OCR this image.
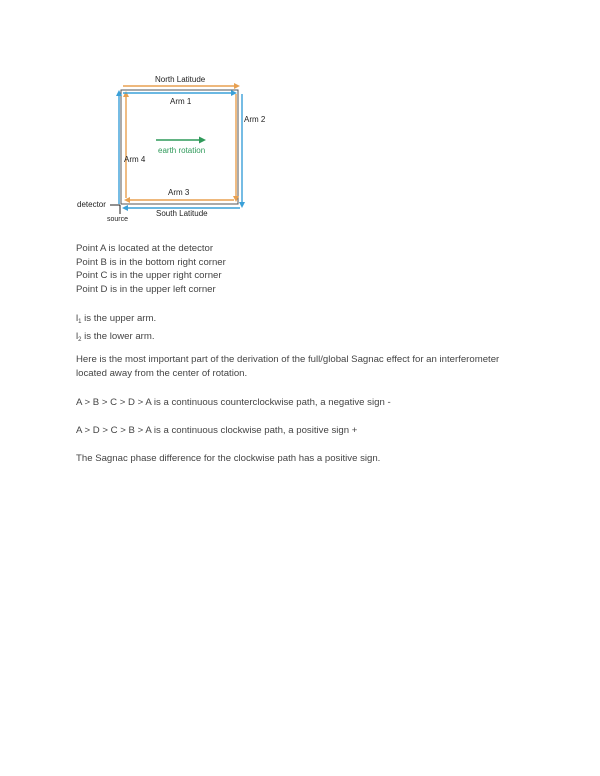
North Latitude
Arm 1
Arm 2
earth rotation
Arm 4
Arm 3
detector
South Latitude
source
Point A is located at the detector
Point B is in the bottom right corner
Point C is in the upper right corner
Point D is in the upper left corner
$l_1$ is the upper arm.
$l_2$ is the lower arm.
Here is the most important part of the derivation of the full/global Sagnac effect for an interferometer
located away from the center of rotation.
A > B > C > D > A is a continuous counterclockwise path, a negative sign -
A > D > C > B > A is a continuous clockwise path, a positive sign +
The Sagnac phase difference for the clockwise path has a positive sign.
